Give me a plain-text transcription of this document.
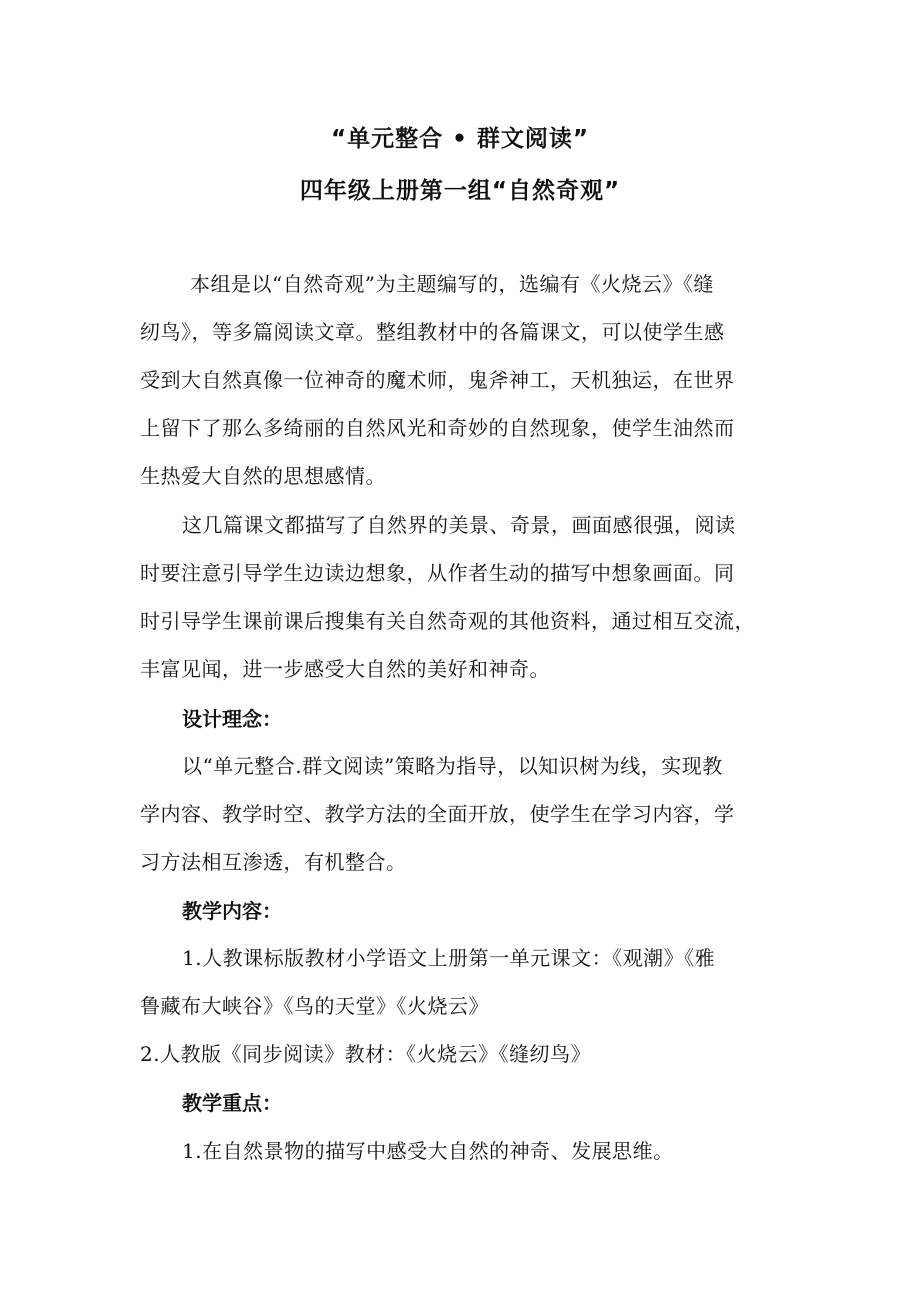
“单元整合 • 群文阅读”
四年级上册第一组“自然奇观”
本组是以“自然奇观”为主题编写的，选编有《火烧云》《缝
纫鸟》，等多篇阅读文章。整组教材中的各篇课文，可以使学生感
受到大自然真像一位神奇的魔术师，鬼斧神工，天机独运，在世界
上留下了那么多绮丽的自然风光和奇妙的自然现象，使学生油然而
生热爱大自然的思想感情。
这几篇课文都描写了自然界的美景、奇景，画面感很强，阅读
时要注意引导学生边读边想象，从作者生动的描写中想象画面。同
时引导学生课前课后搜集有关自然奇观的其他资料，通过相互交流，
丰富见闻，进一步感受大自然的美好和神奇。
设计理念：
以“单元整合.群文阅读”策略为指导，以知识树为线，实现教
学内容、教学时空、教学方法的全面开放，使学生在学习内容，学
习方法相互渗透，有机整合。
教学内容：
1.人教课标版教材小学语文上册第一单元课文：《观潮》《雅
鲁藏布大峡谷》《鸟的天堂》《火烧云》
2.人教版《同步阅读》教材：《火烧云》《缝纫鸟》
教学重点：
1.在自然景物的描写中感受大自然的神奇、发展思维。
